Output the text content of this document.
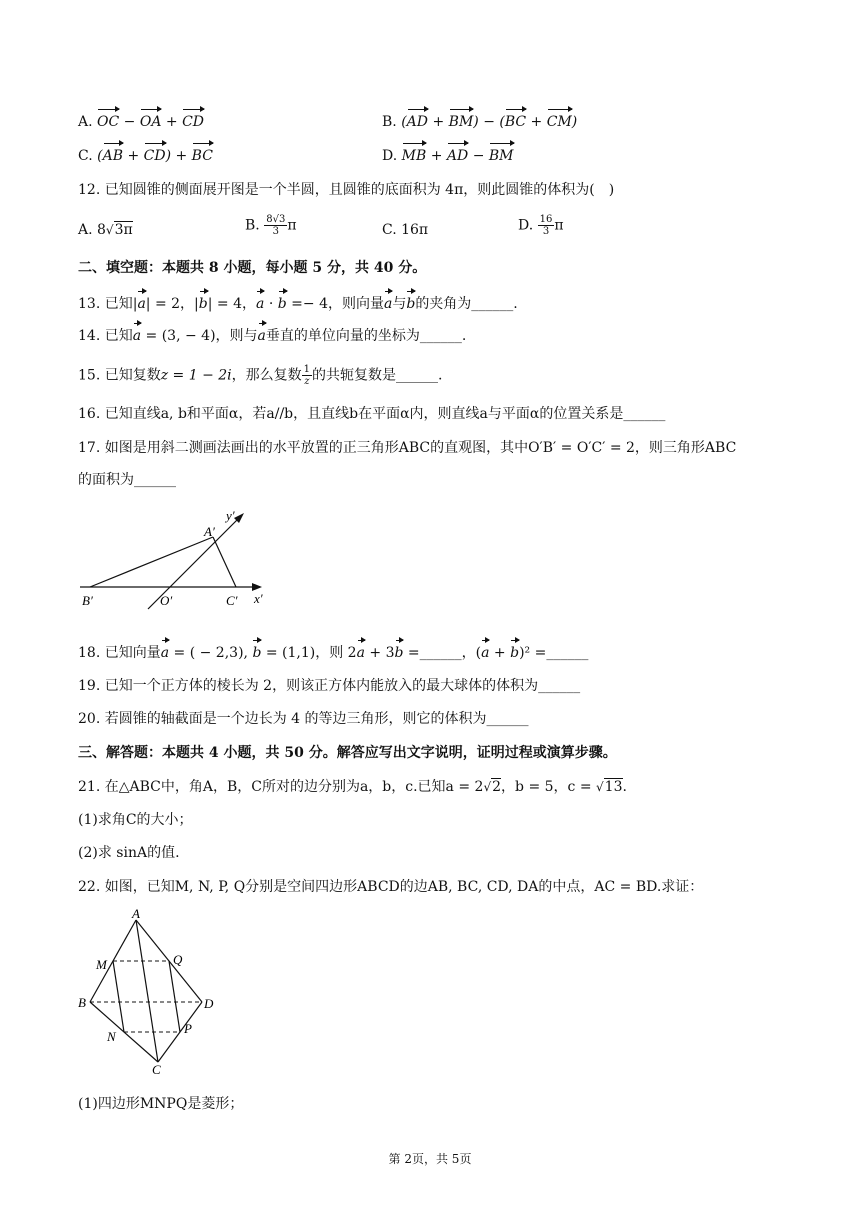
A. OC − OA + CD	B. (AD + BM) − (BC + CM)
C. (AB + CD) + BC	D. MB + AD − BM
12. 已知圆锥的侧面展开图是一个半圆，且圆锥的底面积为 4π，则此圆锥的体积为(　)
A. 8√3π	B. $\frac{8√3}{3}$ π	C. 16π	D. $\frac{16}{3}$ π
二、填空题：本题共 8 小题，每小题 5 分，共 40 分。
13. 已知|a| = 2，|b| = 4，a · b =− 4，则向量a与b的夹角为______.
14. 已知a = (3, − 4)，则与a垂直的单位向量的坐标为______.
15. 已知复数z = 1 − 2i，那么复数 $\frac{1}{z}$ 的共轭复数是______.
16. 已知直线a, b和平面α，若a//b，且直线b在平面α内，则直线a与平面α的位置关系是______
17. 如图是用斜二测画法画出的水平放置的正三角形ABC的直观图，其中O′B′ = O′C′ = 2，则三角形ABC
的面积为______
A′
y′
B′	O′	C′ x′
18. 已知向量a = ( − 2,3), b = (1,1)，则 2a + 3b =______，(a + b)² =______
19. 已知一个正方体的棱长为 2，则该正方体内能放入的最大球体的体积为______
20. 若圆锥的轴截面是一个边长为 4 的等边三角形，则它的体积为______
三、解答题：本题共 4 小题，共 50 分。解答应写出文字说明，证明过程或演算步骤。
21. 在△ABC中，角A，B，C所对的边分别为a，b，c.已知a = 2√2，b = 5，c = √13.
(1)求角C的大小；
(2)求 sinA的值.
22. 如图，已知M, N, P, Q分别是空间四边形ABCD的边AB, BC, CD, DA的中点，AC = BD.求证：
A
M	Q
B	D
N
P
C
(1)四边形MNPQ是菱形；
第 2页，共 5页
